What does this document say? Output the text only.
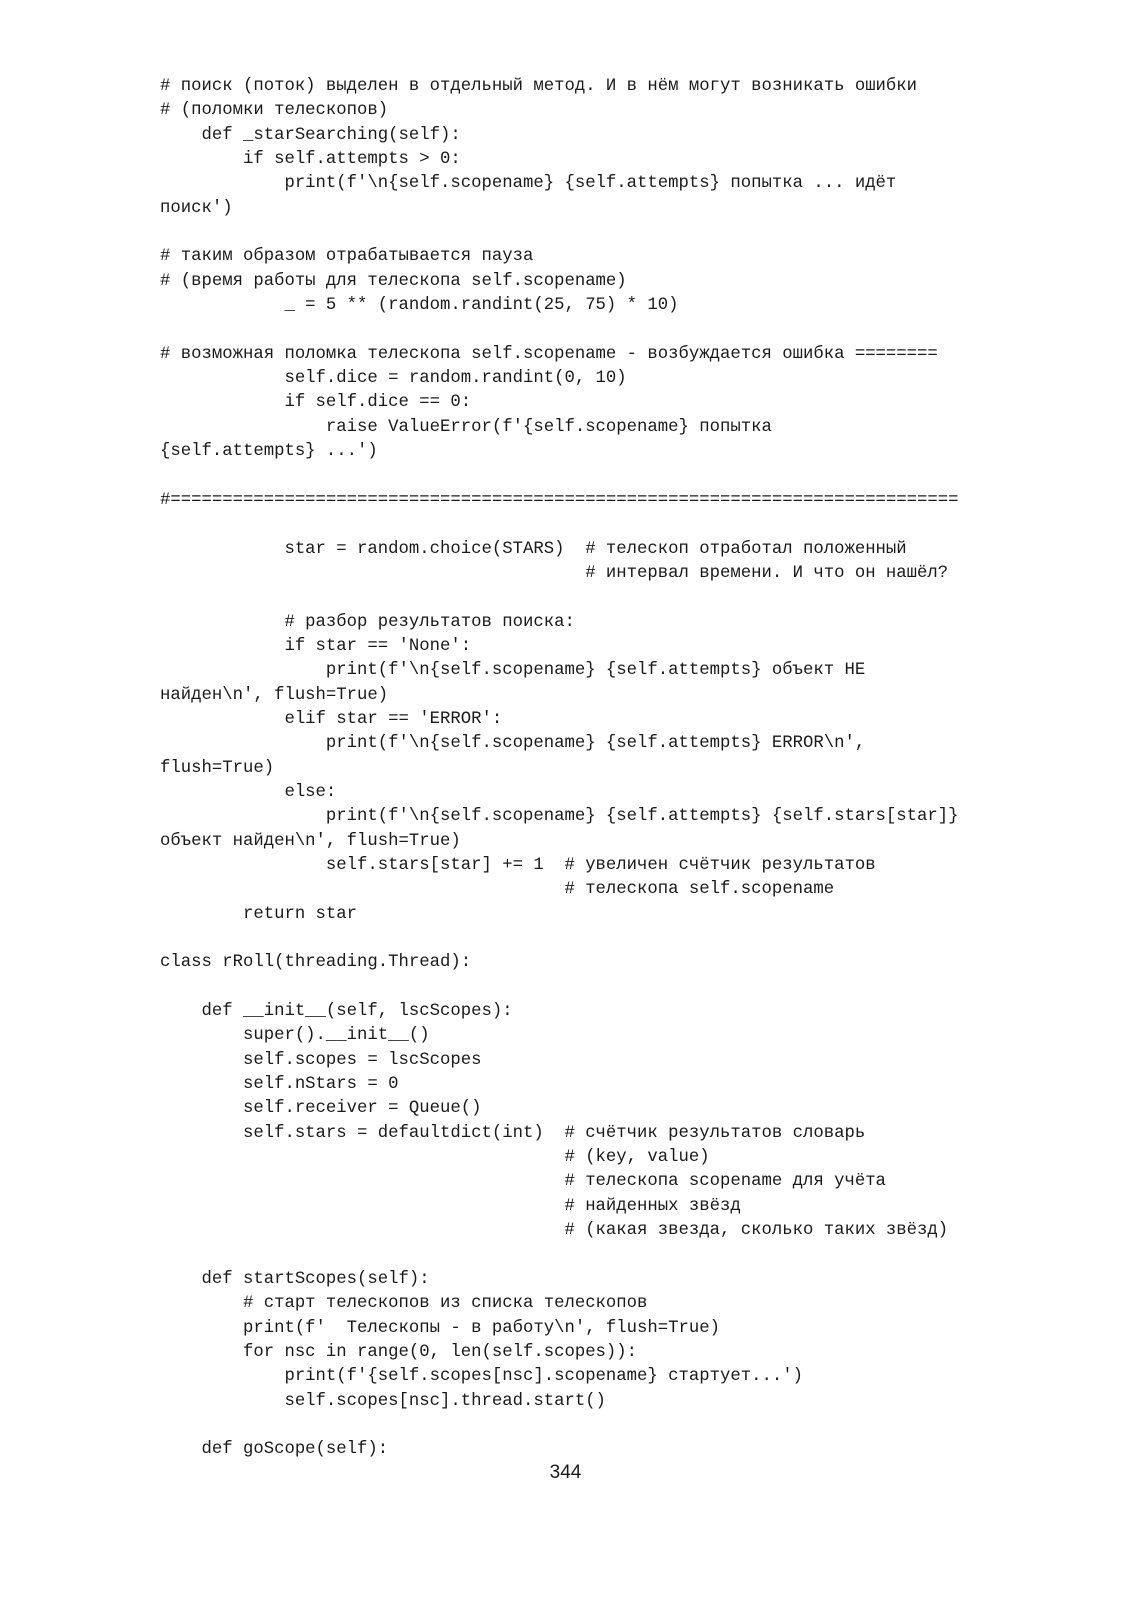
# поиск (поток) выделен в отдельный метод. И в нём могут возникать ошибки
# (поломки телескопов)
def _starSearching(self):
if self.attempts > 0:
print(f'\n{self.scopename} {self.attempts} попытка ... идёт
поиск')

# таким образом отрабатывается пауза
# (время работы для телескопа self.scopename)
_ = 5 ** (random.randint(25, 75) * 10)

# возможная поломка телескопа self.scopename - возбуждается ошибка ========
self.dice = random.randint(0, 10)
if self.dice == 0:
raise ValueError(f'{self.scopename} попытка
{self.attempts} ...')

#============================================================================

star = random.choice(STARS)  # телескоп отработал положенный
# интервал времени. И что он нашёл?

# разбор результатов поиска:
if star == 'None':
print(f'\n{self.scopename} {self.attempts} объект НЕ
найден\n', flush=True)
elif star == 'ERROR':
print(f'\n{self.scopename} {self.attempts} ERROR\n',
flush=True)
else:
print(f'\n{self.scopename} {self.attempts} {self.stars[star]}
объект найден\n', flush=True)
self.stars[star] += 1  # увеличен счётчик результатов
# телескопа self.scopename
return star

class rRoll(threading.Thread):

def __init__(self, lscScopes):
super().__init__()
self.scopes = lscScopes
self.nStars = 0
self.receiver = Queue()
self.stars = defaultdict(int)  # счётчик результатов словарь
# (key, value)
# телескопа scopename для учёта
# найденных звёзд
# (какая звезда, сколько таких звёзд)

def startScopes(self):
# старт телескопов из списка телескопов
print(f'  Телескопы - в работу\n', flush=True)
for nsc in range(0, len(self.scopes)):
print(f'{self.scopes[nsc].scopename} стартует...')
self.scopes[nsc].thread.start()

def goScope(self):
344
